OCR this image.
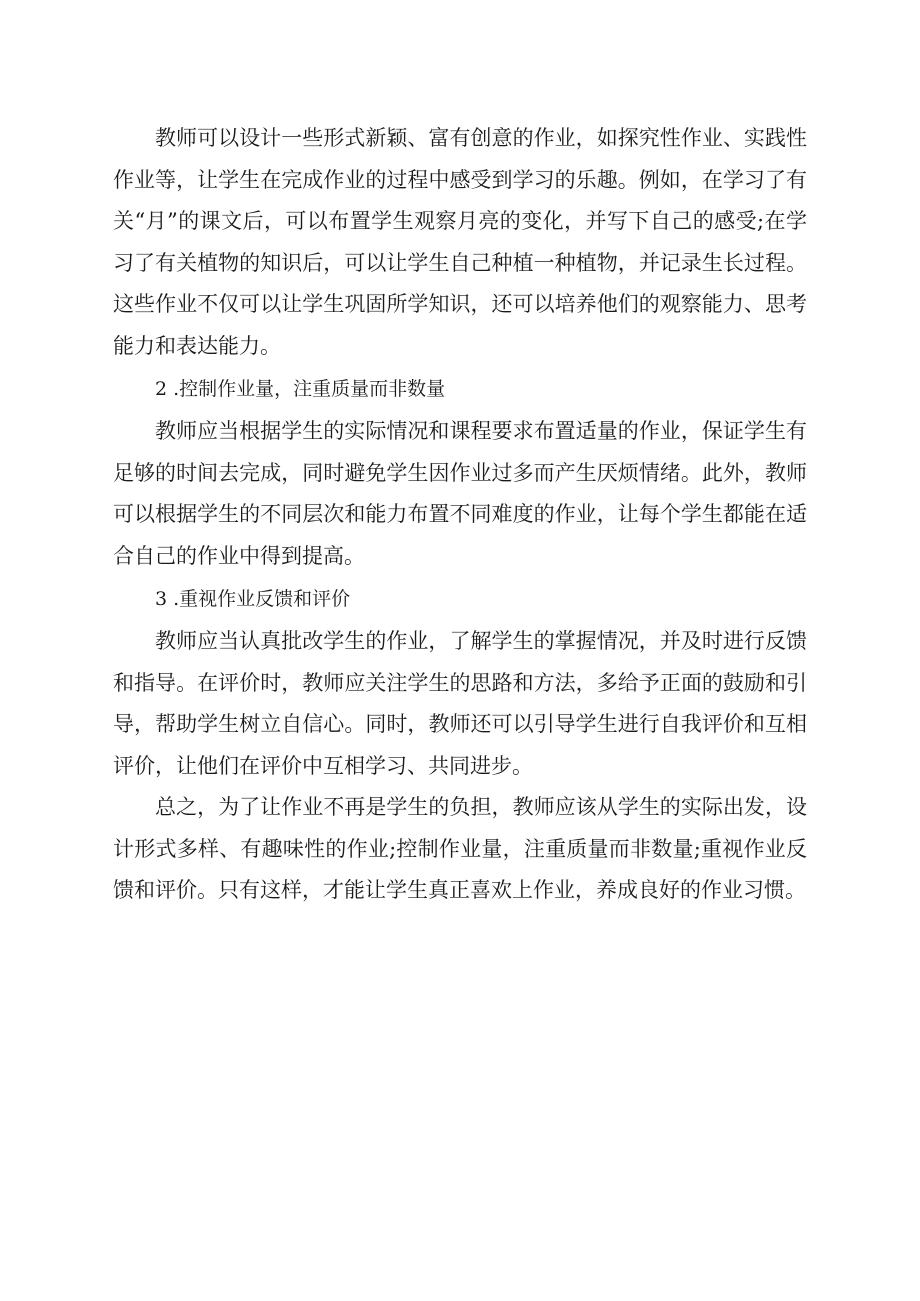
教师可以设计一些形式新颖、富有创意的作业，如探究性作业、实践性作业等，让学生在完成作业的过程中感受到学习的乐趣。例如，在学习了有关“月”的课文后，可以布置学生观察月亮的变化，并写下自己的感受;在学习了有关植物的知识后，可以让学生自己种植一种植物，并记录生长过程。这些作业不仅可以让学生巩固所学知识，还可以培养他们的观察能力、思考能力和表达能力。

2 .控制作业量，注重质量而非数量

教师应当根据学生的实际情况和课程要求布置适量的作业，保证学生有足够的时间去完成，同时避免学生因作业过多而产生厌烦情绪。此外，教师可以根据学生的不同层次和能力布置不同难度的作业，让每个学生都能在适合自己的作业中得到提高。

3 .重视作业反馈和评价

教师应当认真批改学生的作业，了解学生的掌握情况，并及时进行反馈和指导。在评价时，教师应关注学生的思路和方法，多给予正面的鼓励和引导，帮助学生树立自信心。同时，教师还可以引导学生进行自我评价和互相评价，让他们在评价中互相学习、共同进步。

总之，为了让作业不再是学生的负担，教师应该从学生的实际出发，设计形式多样、有趣味性的作业;控制作业量，注重质量而非数量;重视作业反馈和评价。只有这样，才能让学生真正喜欢上作业，养成良好的作业习惯。
